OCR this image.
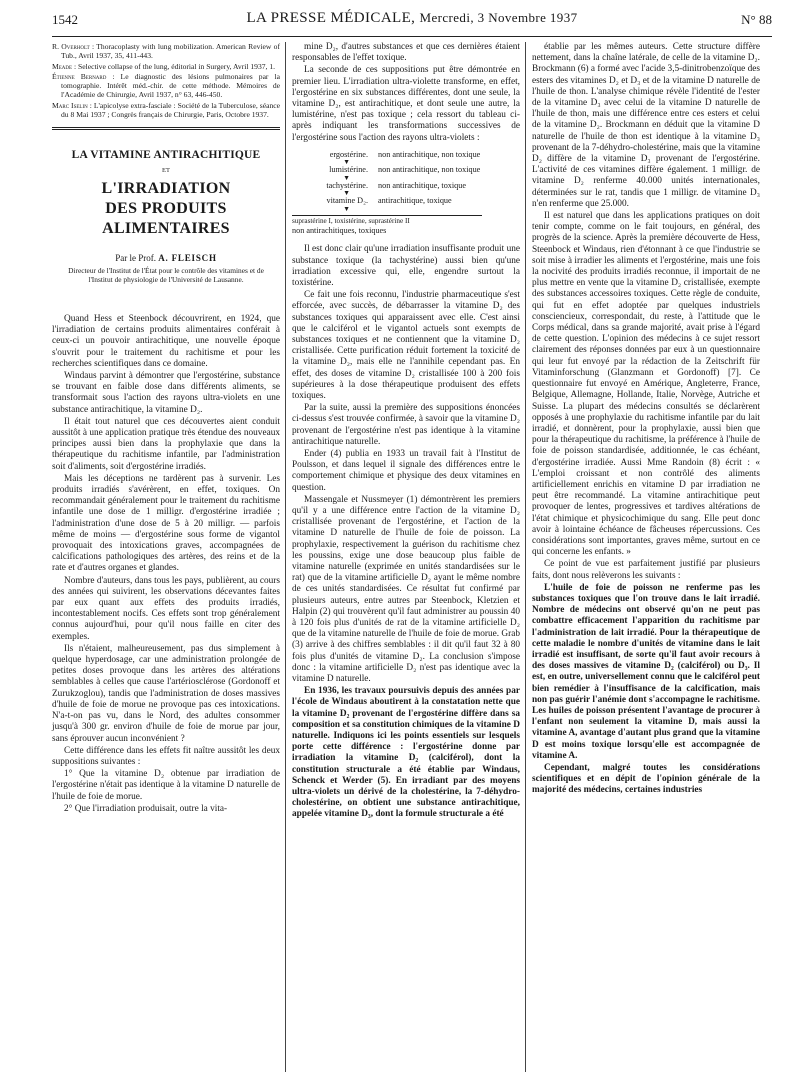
1542	LA PRESSE MÉDICALE, Mercredi, 3 Novembre 1937	N° 88

R. Overholt : Thoracoplasty with lung mobilization. American Review of Tub., Avril 1937, 35, 411-443.

Meade : Selective collapse of the lung, éditorial in Surgery, Avril 1937, 1.

Étienne Bernard : Le diagnostic des lésions pulmonaires par la tomographie. Intérêt méd.-chir. de cette méthode. Mémoires de l'Académie de Chirurgie, Avril 1937, n° 63, 446-450.

Marc Iselin : L'apicolyse extra-fasciale : Société de la Tuberculose, séance du 8 Mai 1937 ; Congrès français de Chirurgie, Paris, Octobre 1937.

LA VITAMINE ANTIRACHITIQUE
ET
L'IRRADIATION
DES PRODUITS ALIMENTAIRES
Par le Prof. A. FLEISCH
Directeur de l'Institut de l'État pour le contrôle des vitamines et de l'Institut de physiologie de l'Université de Lausanne.

Quand Hess et Steenbock découvrirent, en 1924, que l'irradiation de certains produits alimentaires conférait à ceux-ci un pouvoir antirachitique, une nouvelle époque s'ouvrit pour le traitement du rachitisme et pour les recherches scientifiques dans ce domaine.

Windaus parvint à démontrer que l'ergostérine, substance se trouvant en faible dose dans différents aliments, se transformait sous l'action des rayons ultra-violets en une substance antirachitique, la vitamine D₂.

Il était tout naturel que ces découvertes aient conduit aussitôt à une application pratique très étendue des nouveaux principes aussi bien dans la prophylaxie que dans la thérapeutique du rachitisme infantile, par l'administration soit d'aliments, soit d'ergostérine irradiés.

Mais les déceptions ne tardèrent pas à survenir. Les produits irradiés s'avérèrent, en effet, toxiques. On recommandait généralement pour le traitement du rachitisme infantile une dose de 1 milligr. d'ergostérine irradiée ; l'administration d'une dose de 5 à 20 milligr. — parfois même de moins — d'ergostérine sous forme de vigantol provoquait des intoxications graves, accompagnées de calcifications pathologiques des artères, des reins et de la rate et d'autres organes et glandes.

Nombre d'auteurs, dans tous les pays, publièrent, au cours des années qui suivirent, les observations décevantes faites par eux quant aux effets des produits irradiés, incontestablement nocifs. Ces effets sont trop généralement connus aujourd'hui, pour qu'il nous faille en citer des exemples.

Ils n'étaient, malheureusement, pas dus simplement à quelque hyperdosage, car une administration prolongée de petites doses provoque dans les artères des altérations semblables à celles que cause l'artériosclérose (Gordonoff et Zurukzoglou), tandis que l'administration de doses massives d'huile de foie de morue ne provoque pas ces intoxications. N'a-t-on pas vu, dans le Nord, des adultes consommer jusqu'à 300 gr. environ d'huile de foie de morue par jour, sans éprouver aucun inconvénient ?

Cette différence dans les effets fit naître aussitôt les deux suppositions suivantes :

1° Que la vitamine D₂ obtenue par irradiation de l'ergostérine n'était pas identique à la vitamine D naturelle de l'huile de foie de morue.

2° Que l'irradiation produisait, outre la vita-

mine D₂, d'autres substances et que ces dernières étaient responsables de l'effet toxique.

La seconde de ces suppositions put être démontrée en premier lieu. L'irradiation ultra-violette transforme, en effet, l'ergostérine en six substances différentes, dont une seule, la vitamine D₂, est antirachitique, et dont seule une autre, la lumistérine, n'est pas toxique ; cela ressort du tableau ci-après indiquant les transformations successives de l'ergostérine sous l'action des rayons ultra-violets :

ergostérine.	non antirachitique, non toxique
▼
lumistérine.	non antirachitique, non toxique
▼
tachystérine.	non antirachitique, toxique
▼
vitamine D₂.	antirachitique, toxique
▼
suprastérine I, toxistérine, suprastérine II
non antirachitiques, toxiques

Il est donc clair qu'une irradiation insuffisante produit une substance toxique (la tachystérine) aussi bien qu'une irradiation excessive qui, elle, engendre surtout la toxistérine.

Ce fait une fois reconnu, l'industrie pharmaceutique s'est efforcée, avec succès, de débarrasser la vitamine D₂ des substances toxiques qui apparaissent avec elle. C'est ainsi que le calciférol et le vigantol actuels sont exempts de substances toxiques et ne contiennent que la vitamine D₂ cristallisée. Cette purification réduit fortement la toxicité de la vitamine D₂, mais elle ne l'annihile cependant pas. En effet, des doses de vitamine D₂ cristallisée 100 à 200 fois supérieures à la dose thérapeutique produisent des effets toxiques.

Par la suite, aussi la première des suppositions énoncées ci-dessus s'est trouvée confirmée, à savoir que la vitamine D₂ provenant de l'ergostérine n'est pas identique à la vitamine antirachitique naturelle.

Ender (4) publia en 1933 un travail fait à l'Institut de Poulsson, et dans lequel il signale des différences entre le comportement chimique et physique des deux vitamines en question.

Massengale et Nussmeyer (1) démontrèrent les premiers qu'il y a une différence entre l'action de la vitamine D₂ cristallisée provenant de l'ergostérine, et l'action de la vitamine D naturelle de l'huile de foie de poisson. La prophylaxie, respectivement la guérison du rachitisme chez les poussins, exige une dose beaucoup plus faible de vitamine naturelle (exprimée en unités standardisées sur le rat) que de la vitamine artificielle D₂ ayant le même nombre de ces unités standardisées. Ce résultat fut confirmé par plusieurs auteurs, entre autres par Steenbock, Kletzien et Halpin (2) qui trouvèrent qu'il faut administrer au poussin 40 à 120 fois plus d'unités de rat de la vitamine artificielle D₂ que de la vitamine naturelle de l'huile de foie de morue. Grab (3) arrive à des chiffres semblables : il dit qu'il faut 32 à 80 fois plus d'unités de vitamine D₂. La conclusion s'impose donc : la vitamine artificielle D₂ n'est pas identique avec la vitamine D naturelle.

En 1936, les travaux poursuivis depuis des années par l'école de Windaus aboutirent à la constatation nette que la vitamine D₂ provenant de l'ergostérine diffère dans sa composition et sa constitution chimiques de la vitamine D naturelle. Indiquons ici les points essentiels sur lesquels porte cette différence : l'ergostérine donne par irradiation la vitamine D₂ (calciférol), dont la constitution structurale a été établie par Windaus, Schenck et Werder (5). En irradiant par des moyens ultra-violets un dérivé de la cholestérine, la 7-déhydro-cholestérine, on obtient une substance antirachitique, appelée vitamine D₃, dont la formule structurale a été

établie par les mêmes auteurs. Cette structure diffère nettement, dans la chaîne latérale, de celle de la vitamine D₂. Brockmann (6) a formé avec l'acide 3,5-dinitrobenzoïque des esters des vitamines D₂ et D₃ et de la vitamine D naturelle de l'huile de thon. L'analyse chimique révèle l'identité de l'ester de la vitamine D₃ avec celui de la vitamine D naturelle de l'huile de thon, mais une différence entre ces esters et celui de la vitamine D₂. Brockmann en déduit que la vitamine D naturelle de l'huile de thon est identique à la vitamine D₃ provenant de la 7-déhydro-cholestérine, mais que la vitamine D₂ diffère de la vitamine D₃ provenant de l'ergostérine. L'activité de ces vitamines diffère également. 1 milligr. de vitamine D₂ renferme 40.000 unités internationales, déterminées sur le rat, tandis que 1 milligr. de vitamine D₃ n'en renferme que 25.000.

Il est naturel que dans les applications pratiques on doit tenir compte, comme on le fait toujours, en général, des progrès de la science. Après la première découverte de Hess, Steenbock et Windaus, rien d'étonnant à ce que l'industrie se soit mise à irradier les aliments et l'ergostérine, mais une fois la nocivité des produits irradiés reconnue, il importait de ne plus mettre en vente que la vitamine D₂ cristallisée, exempte des substances accessoires toxiques. Cette règle de conduite, qui fut en effet adoptée par quelques industriels consciencieux, correspondait, du reste, à l'attitude que le Corps médical, dans sa grande majorité, avait prise à l'égard de cette question. L'opinion des médecins à ce sujet ressort clairement des réponses données par eux à un questionnaire qui leur fut envoyé par la rédaction de la Zeitschrift für Vitaminforschung (Glanzmann et Gordonoff) [7]. Ce questionnaire fut envoyé en Amérique, Angleterre, France, Belgique, Allemagne, Hollande, Italie, Norvège, Autriche et Suisse. La plupart des médecins consultés se déclarèrent opposés à une prophylaxie du rachitisme infantile par du lait irradié, et donnèrent, pour la prophylaxie, aussi bien que pour la thérapeutique du rachitisme, la préférence à l'huile de foie de poisson standardisée, additionnée, le cas échéant, d'ergostérine irradiée. Aussi Mme Randoin (8) écrit : « L'emploi croissant et non contrôlé des aliments artificiellement enrichis en vitamine D par irradiation ne peut être recommandé. La vitamine antirachitique peut provoquer de lentes, progressives et tardives altérations de l'état chimique et physicochimique du sang. Elle peut donc avoir à lointaine échéance de fâcheuses répercussions. Ces considérations sont importantes, graves même, surtout en ce qui concerne les enfants. »

Ce point de vue est parfaitement justifié par plusieurs faits, dont nous relèverons les suivants :

L'huile de foie de poisson ne renferme pas les substances toxiques que l'on trouve dans le lait irradié. Nombre de médecins ont observé qu'on ne peut pas combattre efficacement l'apparition du rachitisme par l'administration de lait irradié. Pour la thérapeutique de cette maladie le nombre d'unités de vitamine dans le lait irradié est insuffisant, de sorte qu'il faut avoir recours à des doses massives de vitamine D₂ (calciférol) ou D₃. Il est, en outre, universellement connu que le calciférol peut bien remédier à l'insuffisance de la calcification, mais non pas guérir l'anémie dont s'accompagne le rachitisme. Les huiles de poisson présentent l'avantage de procurer à l'enfant non seulement la vitamine D, mais aussi la vitamine A, avantage d'autant plus grand que la vitamine D est moins toxique lorsqu'elle est accompagnée de vitamine A.

Cependant, malgré toutes les considérations scientifiques et en dépit de l'opinion générale de la majorité des médecins, certaines industries
